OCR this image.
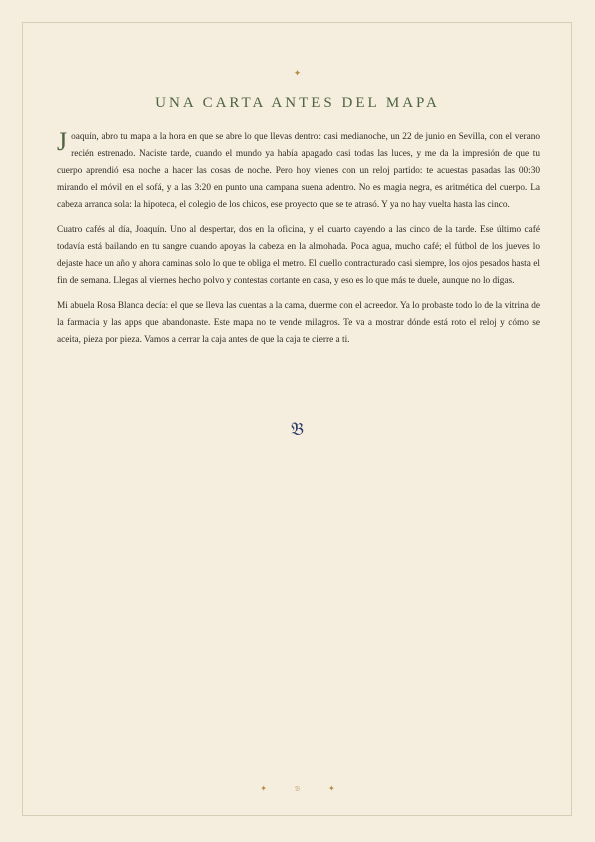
✦
UNA CARTA ANTES DEL MAPA

Joaquín, abro tu mapa a la hora en que se abre lo que llevas dentro: casi medianoche, un 22 de junio en Sevilla, con el verano recién estrenado. Naciste tarde, cuando el mundo ya había apagado casi todas las luces, y me da la impresión de que tu cuerpo aprendió esa noche a hacer las cosas de noche. Pero hoy vienes con un reloj partido: te acuestas pasadas las 00:30 mirando el móvil en el sofá, y a las 3:20 en punto una campana suena adentro. No es magia negra, es aritmética del cuerpo. La cabeza arranca sola: la hipoteca, el colegio de los chicos, ese proyecto que se te atrasó. Y ya no hay vuelta hasta las cinco.

Cuatro cafés al día, Joaquín. Uno al despertar, dos en la oficina, y el cuarto cayendo a las cinco de la tarde. Ese último café todavía está bailando en tu sangre cuando apoyas la cabeza en la almohada. Poca agua, mucho café; el fútbol de los jueves lo dejaste hace un año y ahora caminas solo lo que te obliga el metro. El cuello contracturado casi siempre, los ojos pesados hasta el fin de semana. Llegas al viernes hecho polvo y contestas cortante en casa, y eso es lo que más te duele, aunque no lo digas.

Mi abuela Rosa Blanca decía: el que se lleva las cuentas a la cama, duerme con el acreedor. Ya lo probaste todo lo de la vitrina de la farmacia y las apps que abandonaste. Este mapa no te vende milagros. Te va a mostrar dónde está roto el reloj y cómo se aceita, pieza por pieza. Vamos a cerrar la caja antes de que la caja te cierre a ti.

𝔅
✦	𝔅	✦
